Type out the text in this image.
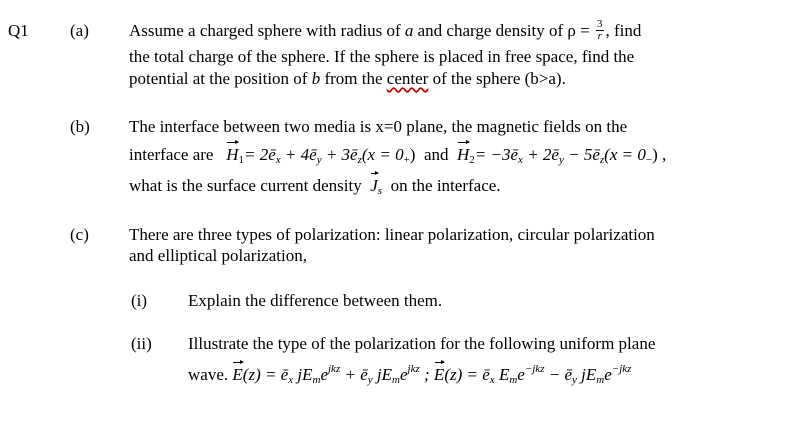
Q1 (a) Assume a charged sphere with radius of a and charge density of $\rho = \frac{3}{r}$ , find
the total charge of the sphere. If the sphere is placed in free space, find the
potential at the position of b from the center of the sphere (b>a).
(b) The interface between two media is x=0 plane, the magnetic fields on the
interface are $H_1=$ $2ē_x$ + $4ē_y$ + $3ē_z(x = 0_+)$ and $H_2=$ $-3ē_x$ + $2ē_y$ − $5ē_z(x = 0_-)$ ,
what is the surface current density $J_s$ on the interface.
(c) There are three types of polarization: linear polarization, circular polarization
and elliptical polarization,
(i) Explain the difference between them.
(ii) Illustrate the type of the polarization for the following uniform plane
wave. $E(z) = ē_x$ $jE_me^{jkz}$ + $ē_y$ $jE_me^{jkz}$ ; $E(z) = ē_x$ $E_me^{-jkz}$ − $ē_y$ $jE_me^{-jkz}$
